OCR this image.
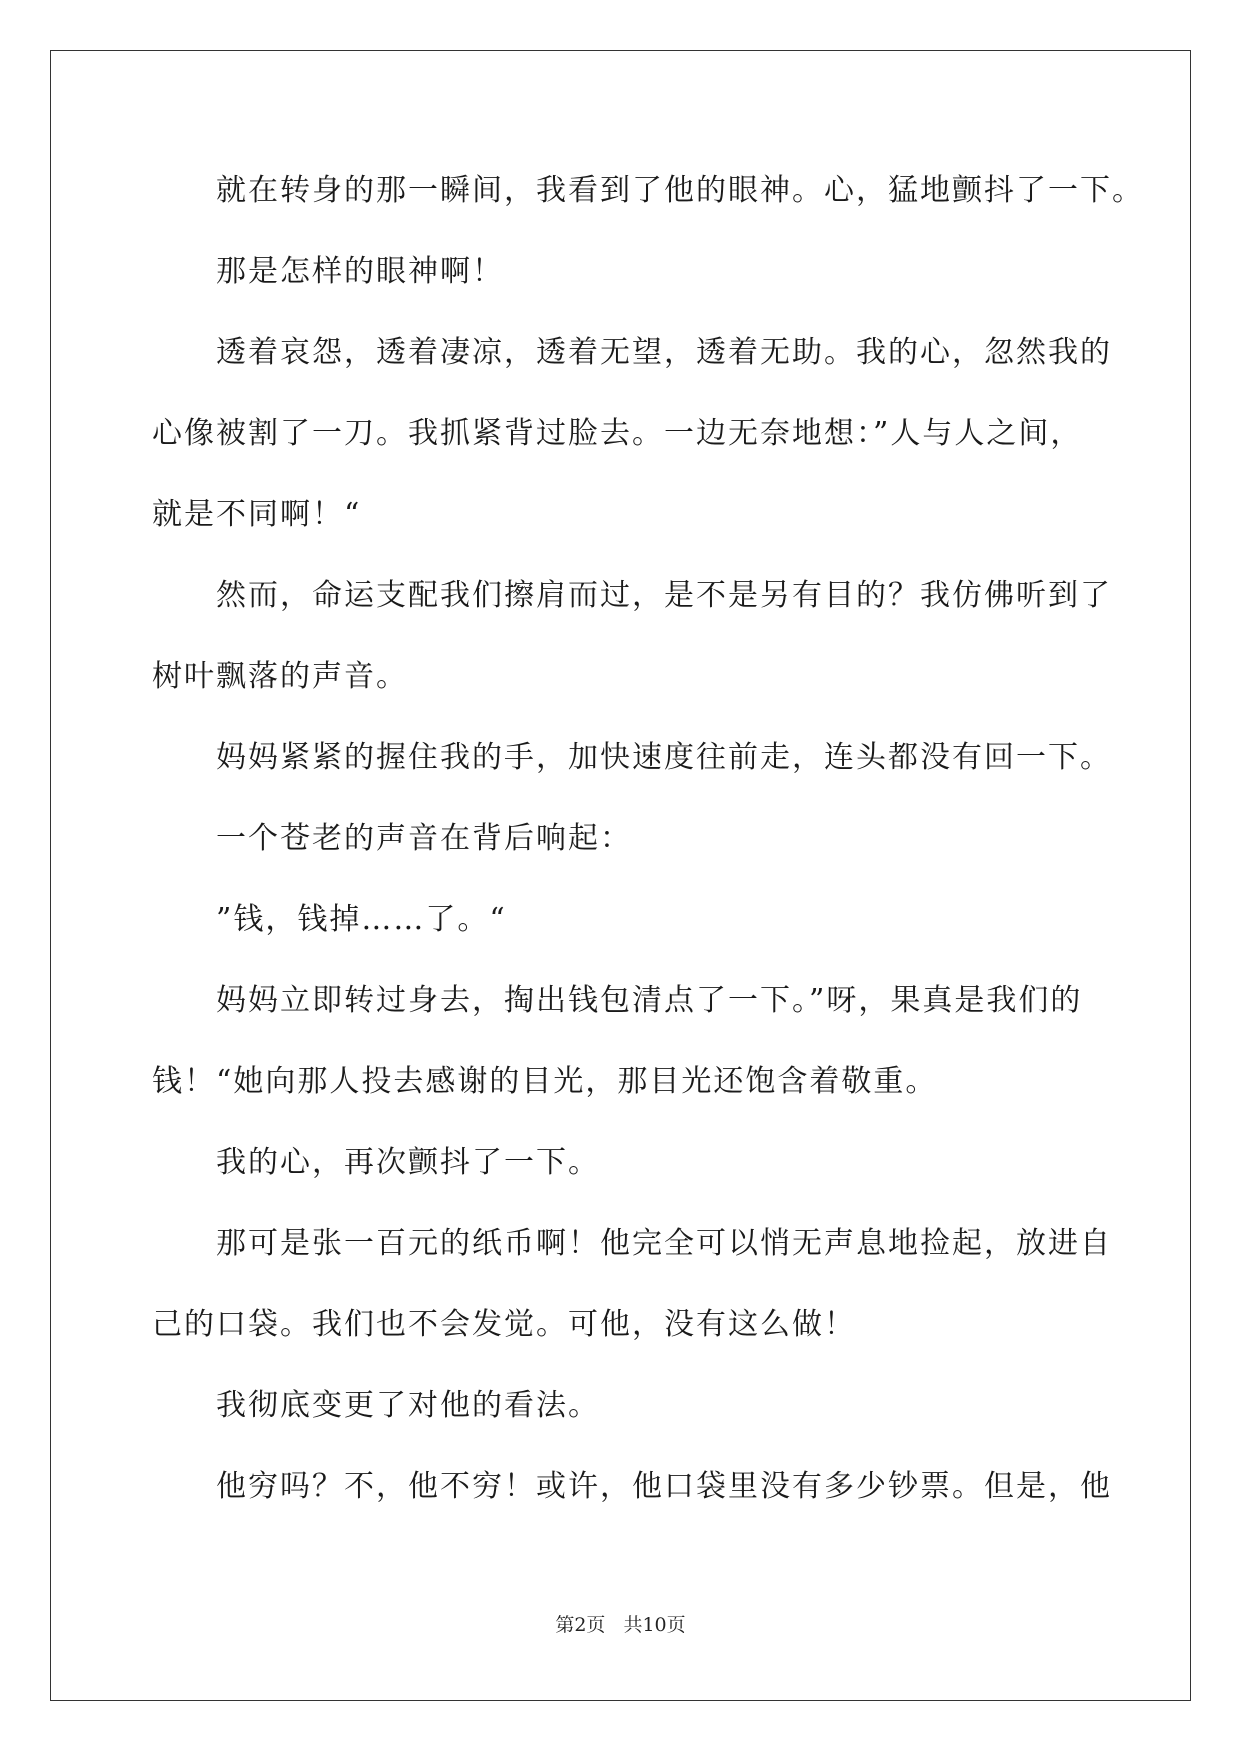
就在转身的那一瞬间，我看到了他的眼神。心，猛地颤抖了一下。
那是怎样的眼神啊！
透着哀怨，透着凄凉，透着无望，透着无助。我的心，忽然我的
心像被割了一刀。我抓紧背过脸去。一边无奈地想：”人与人之间，
就是不同啊！“
然而，命运支配我们擦肩而过，是不是另有目的？我仿佛听到了
树叶飘落的声音。
妈妈紧紧的握住我的手，加快速度往前走，连头都没有回一下。
一个苍老的声音在背后响起：
”钱，钱掉……了。“
妈妈立即转过身去，掏出钱包清点了一下。”呀，果真是我们的
钱！“她向那人投去感谢的目光，那目光还饱含着敬重。
我的心，再次颤抖了一下。
那可是张一百元的纸币啊！他完全可以悄无声息地捡起，放进自
己的口袋。我们也不会发觉。可他，没有这么做！
我彻底变更了对他的看法。
他穷吗？不，他不穷！或许，他口袋里没有多少钞票。但是，他
第2页 共10页
